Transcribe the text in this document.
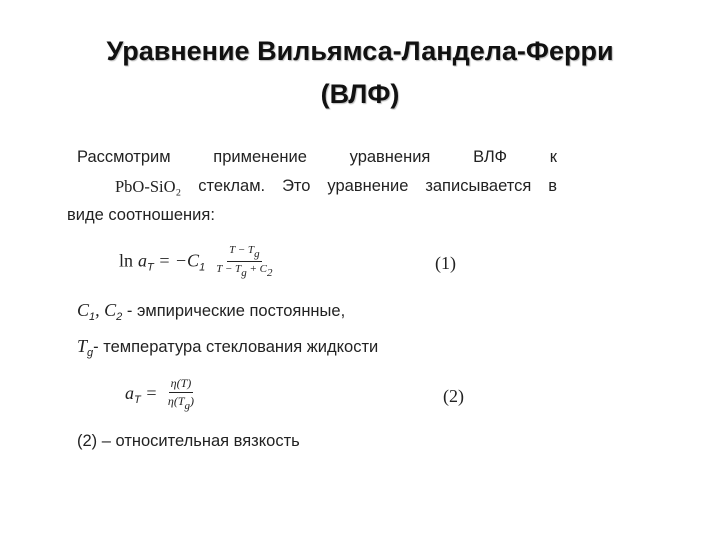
Уравнение Вильямса-Ландела-Ферри
(ВЛФ)
Рассмотрим	применение	уравнения	ВЛФ	к
PbO-SiO₂ стеклам. Это уравнение записывается в
виде соотношения:
$\ln a_T = -C_1 \frac{T - Tg}{T - Tg + C2}$	(1)
$C_1$, $C_2$ - эмпирические постоянные,
$T_g-$ температура стеклования жидкости
$a_T = \frac{\eta(T)}{\eta(Tg)}$	(2)
(2) – относительная вязкость
